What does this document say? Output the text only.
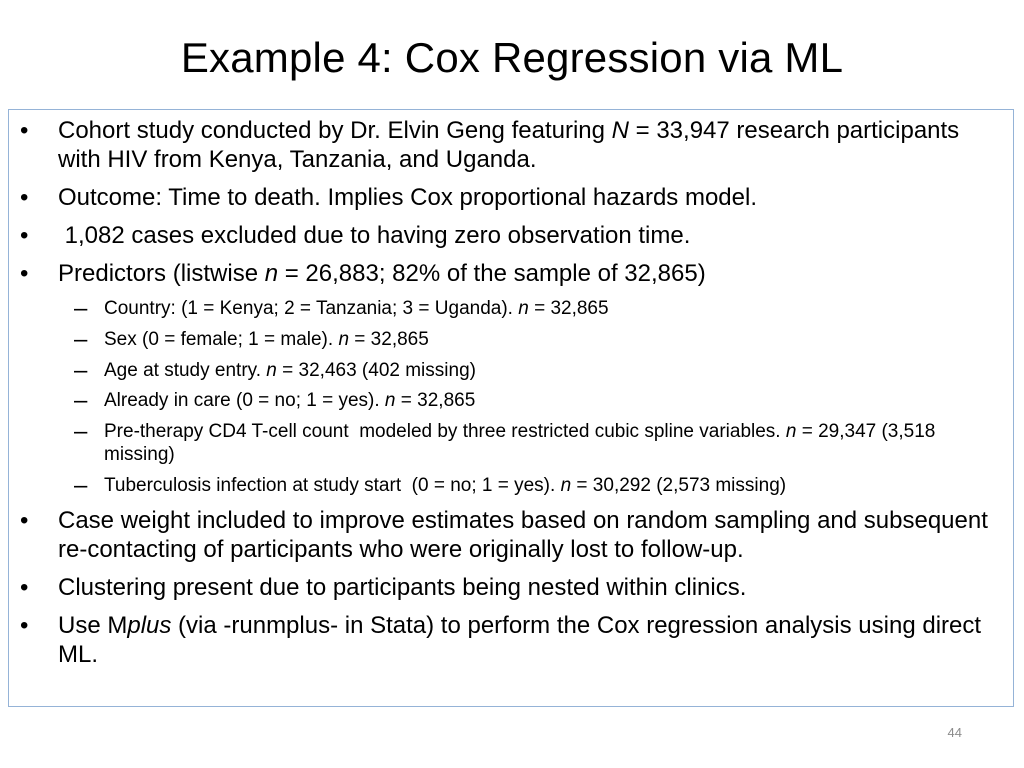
Example 4: Cox Regression via ML
• Cohort study conducted by Dr. Elvin Geng featuring N = 33,947 research participants with HIV from Kenya, Tanzania, and Uganda.
• Outcome: Time to death. Implies Cox proportional hazards model.
• 1,082 cases excluded due to having zero observation time.
• Predictors (listwise n = 26,883; 82% of the sample of 32,865)
– Country: (1 = Kenya; 2 = Tanzania; 3 = Uganda). n = 32,865
– Sex (0 = female; 1 = male). n = 32,865
– Age at study entry. n = 32,463 (402 missing)
– Already in care (0 = no; 1 = yes). n = 32,865
– Pre-therapy CD4 T-cell count  modeled by three restricted cubic spline variables. n = 29,347 (3,518 missing)
– Tuberculosis infection at study start  (0 = no; 1 = yes). n = 30,292 (2,573 missing)
• Case weight included to improve estimates based on random sampling and subsequent re-contacting of participants who were originally lost to follow-up.
• Clustering present due to participants being nested within clinics.
• Use Mplus (via -runmplus- in Stata) to perform the Cox regression analysis using direct ML.
44
